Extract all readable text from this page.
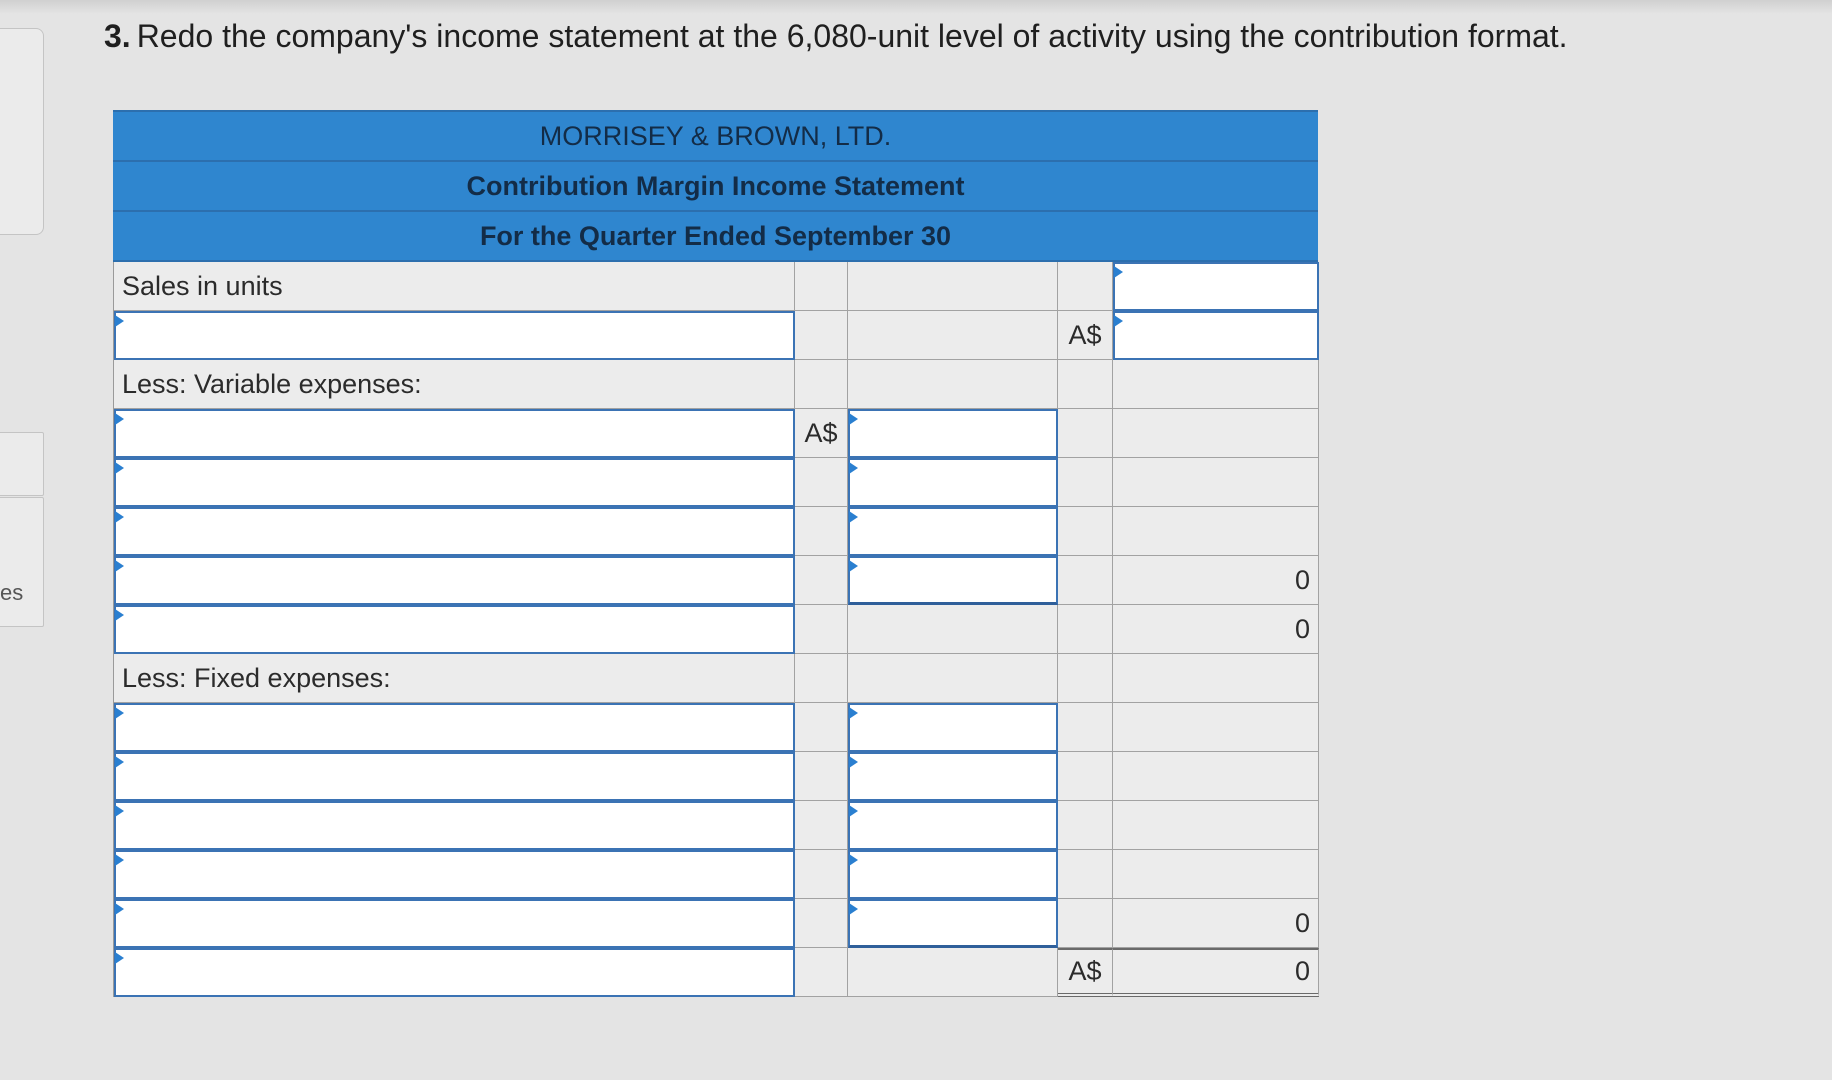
es
3. Redo the company's income statement at the 6,080-unit level of activity using the contribution format.
MORRISEY & BROWN, LTD.
Contribution Margin Income Statement
For the Quarter Ended September 30
Sales in units
A$
Less: Variable expenses:
A$
0
0
Less: Fixed expenses:
0
A$	0
